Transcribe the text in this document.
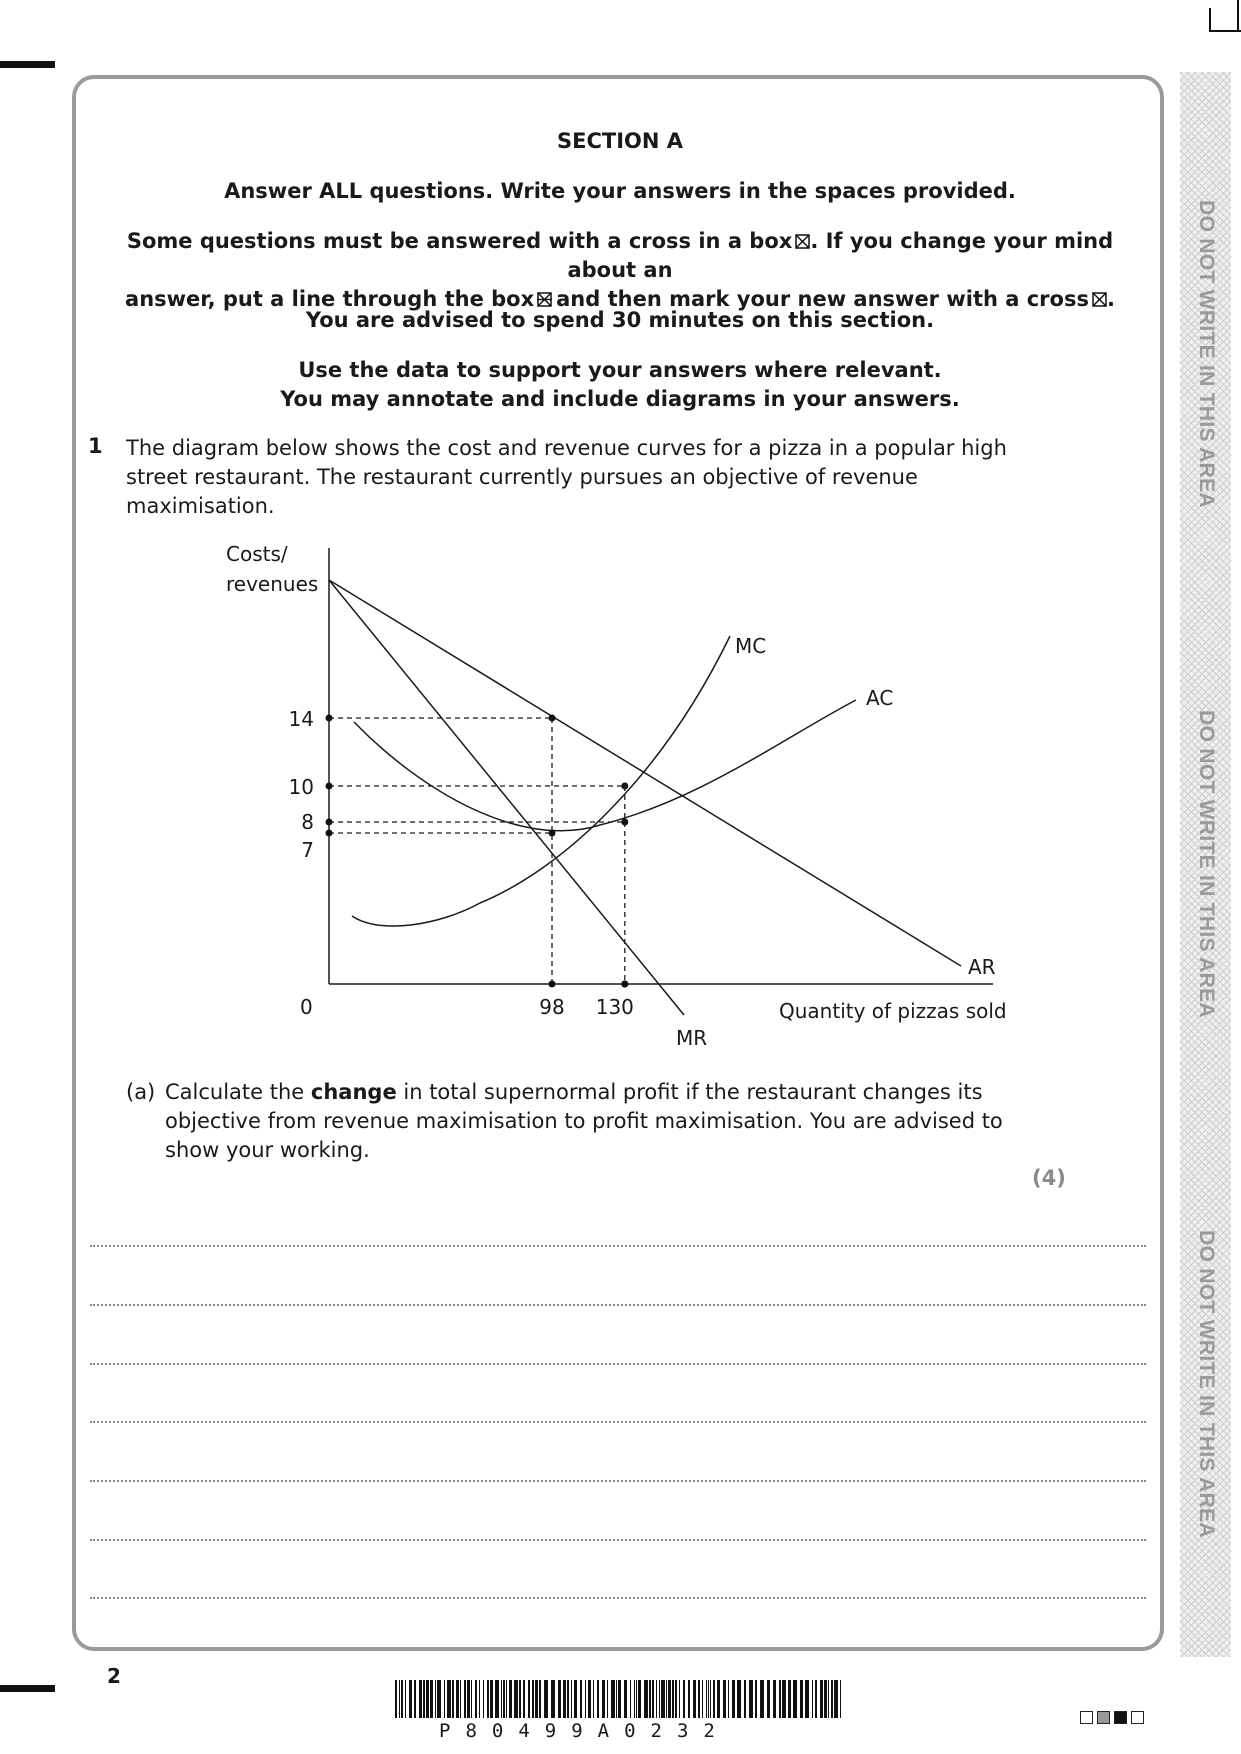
DO NOT WRITE IN THIS AREA
DO NOT WRITE IN THIS AREA
DO NOT WRITE IN THIS AREA
SECTION A
Answer ALL questions. Write your answers in the spaces provided.
Some questions must be answered with a cross in a box ☒. If you change your mind about an
answer, put a line through the box and then mark your new answer with a cross ☒.
You are advised to spend 30 minutes on this section.
Use the data to support your answers where relevant.
You may annotate and include diagrams in your answers.
1 The diagram below shows the cost and revenue curves for a pizza in a popular high street restaurant. The restaurant currently pursues an objective of revenue maximisation.
14
10
8
7
98 130
Costs/
revenues
Quantity of pizzas sold
0
MC
AC
AR
MR
(a) Calculate the change in total supernormal profit if the restaurant changes its objective from revenue maximisation to profit maximisation. You are advised to show your working.
(4)
2
P80499A0232
